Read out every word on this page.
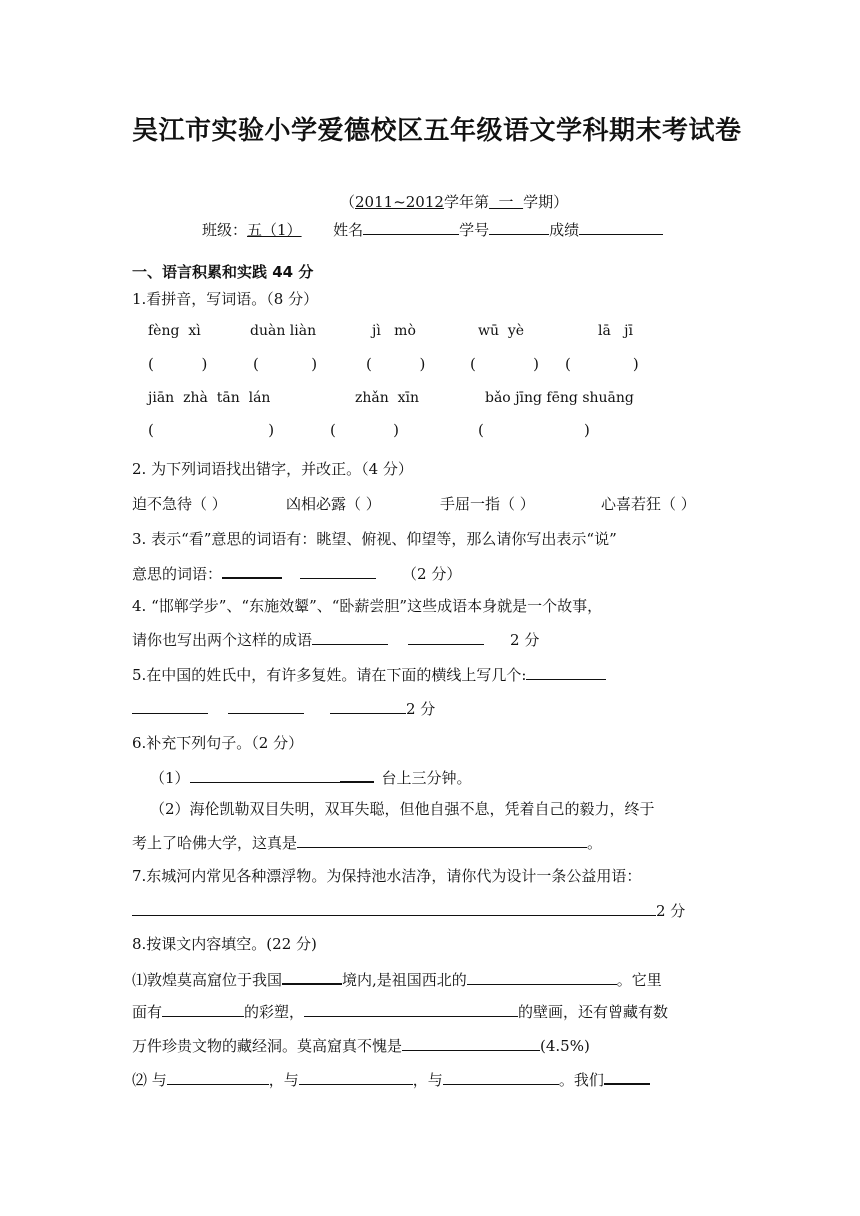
吴江市实验小学爱德校区五年级语文学科期末考试卷
（2011~2012学年第 一 学期）
班级：五（1） 姓名	学号	成绩
一、语言积累和实践 44 分
1.看拼音，写词语。（8 分）
fèng  xì	duàn liàn	jì   mò	wū  yè	lā   jī
(          )	(           )	(          )	(            ) (             )
jiān  zhà  tān  lán	zhǎn  xīn	bǎo jīng fēng shuāng
(                        )	(            )	(                     )
2. 为下列词语找出错字，并改正。（4 分）
迫不急待（ ）	凶相必露（ ）	手屈一指（ ）	心喜若狂（ ）
3. 表示“看”意思的词语有：眺望、俯视、仰望等，那么请你写出表示“说”
意思的词语：	（2 分）
4. “邯郸学步”、“东施效颦”、“卧薪尝胆”这些成语本身就是一个故事，
请你也写出两个这样的成语	2 分
5.在中国的姓氏中，有许多复姓。请在下面的横线上写几个:
2 分
6.补充下列句子。（2 分）
（1）	台上三分钟。
（2）海伦凯勒双目失明，双耳失聪，但他自强不息，凭着自己的毅力，终于
考上了哈佛大学，这真是	。
7.东城河内常见各种漂浮物。为保持池水洁净，请你代为设计一条公益用语：
2 分
8.按课文内容填空。(22 分)
⑴敦煌莫高窟位于我国	境内,是祖国西北的	。它里
面有	的彩塑，	的壁画，还有曾藏有数
万件珍贵文物的藏经洞。莫高窟真不愧是	(4.5%)
⑵ 与	，与	，与	。我们
